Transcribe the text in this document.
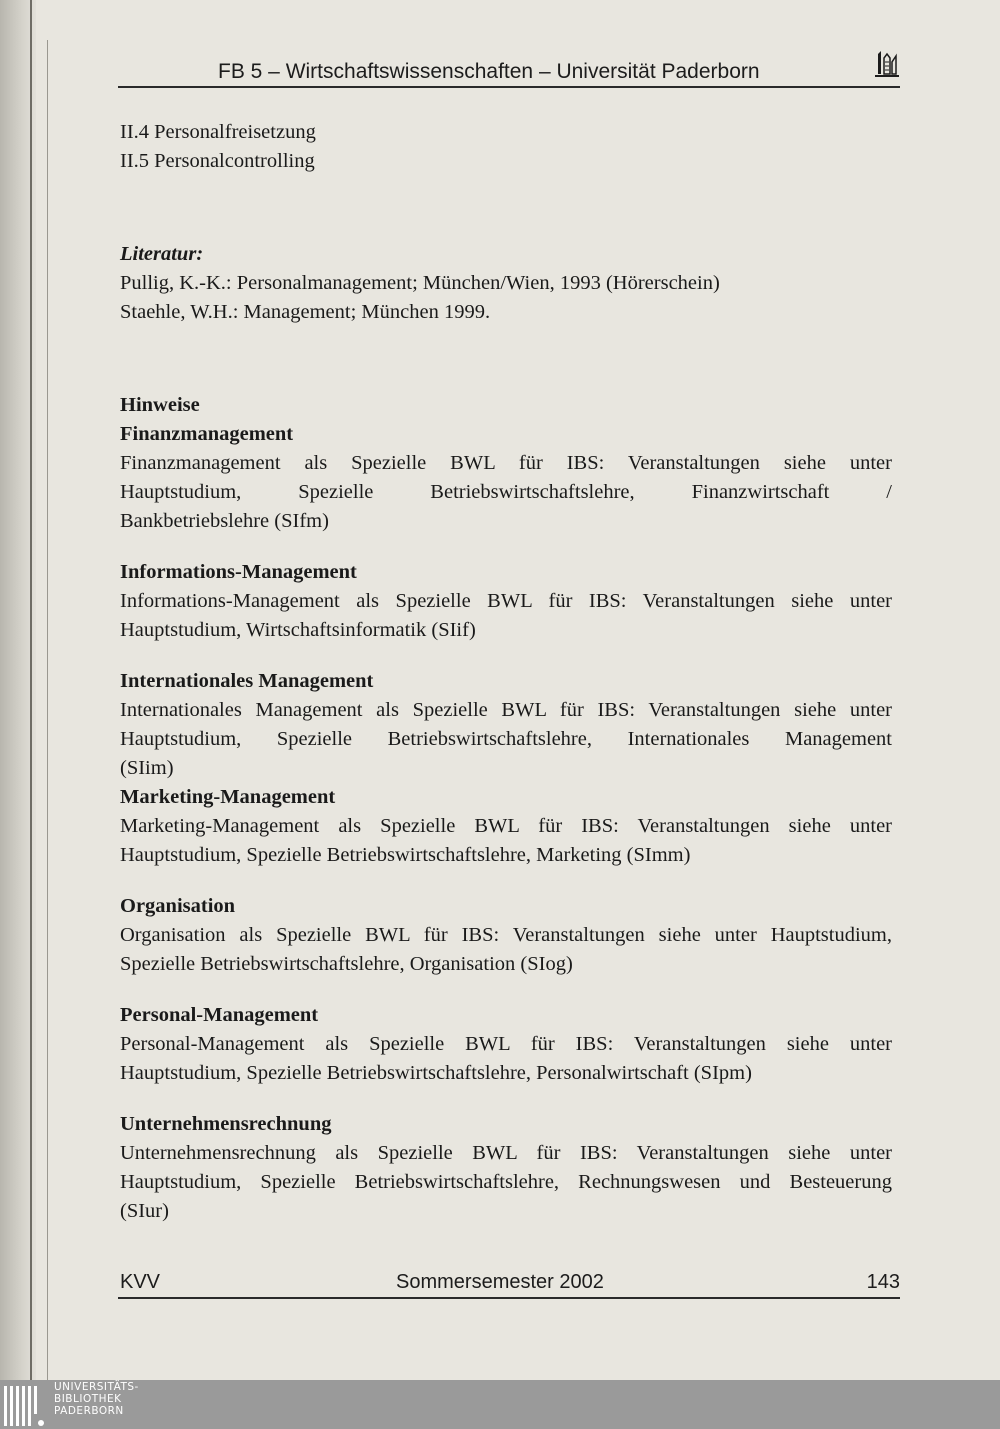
FB 5 – Wirtschaftswissenschaften – Universität Paderborn

II.4 Personalfreisetzung

II.5 Personalcontrolling

Literatur:

Pullig, K.-K.: Personalmanagement; München/Wien, 1993 (Hörerschein)

Staehle, W.H.: Management; München 1999.

Hinweise

Finanzmanagement

Finanzmanagement als Spezielle BWL für IBS: Veranstaltungen siehe unter

Hauptstudium, Spezielle Betriebswirtschaftslehre, Finanzwirtschaft /

Bankbetriebslehre (SIfm)

Informations-Management

Informations-Management als Spezielle BWL für IBS: Veranstaltungen siehe unter

Hauptstudium, Wirtschaftsinformatik (SIif)

Internationales Management

Internationales Management als Spezielle BWL für IBS: Veranstaltungen siehe unter

Hauptstudium, Spezielle Betriebswirtschaftslehre, Internationales Management

(SIim)

Marketing-Management

Marketing-Management als Spezielle BWL für IBS: Veranstaltungen siehe unter

Hauptstudium, Spezielle Betriebswirtschaftslehre, Marketing (SImm)

Organisation

Organisation als Spezielle BWL für IBS: Veranstaltungen siehe unter Hauptstudium,

Spezielle Betriebswirtschaftslehre, Organisation (SIog)

Personal-Management

Personal-Management als Spezielle BWL für IBS: Veranstaltungen siehe unter

Hauptstudium, Spezielle Betriebswirtschaftslehre, Personalwirtschaft (SIpm)

Unternehmensrechnung

Unternehmensrechnung als Spezielle BWL für IBS: Veranstaltungen siehe unter

Hauptstudium, Spezielle Betriebswirtschaftslehre, Rechnungswesen und Besteuerung

(SIur)

KVV	Sommersemester 2002	143
UNIVERSITÄTS-
BIBLIOTHEK
PADERBORN
